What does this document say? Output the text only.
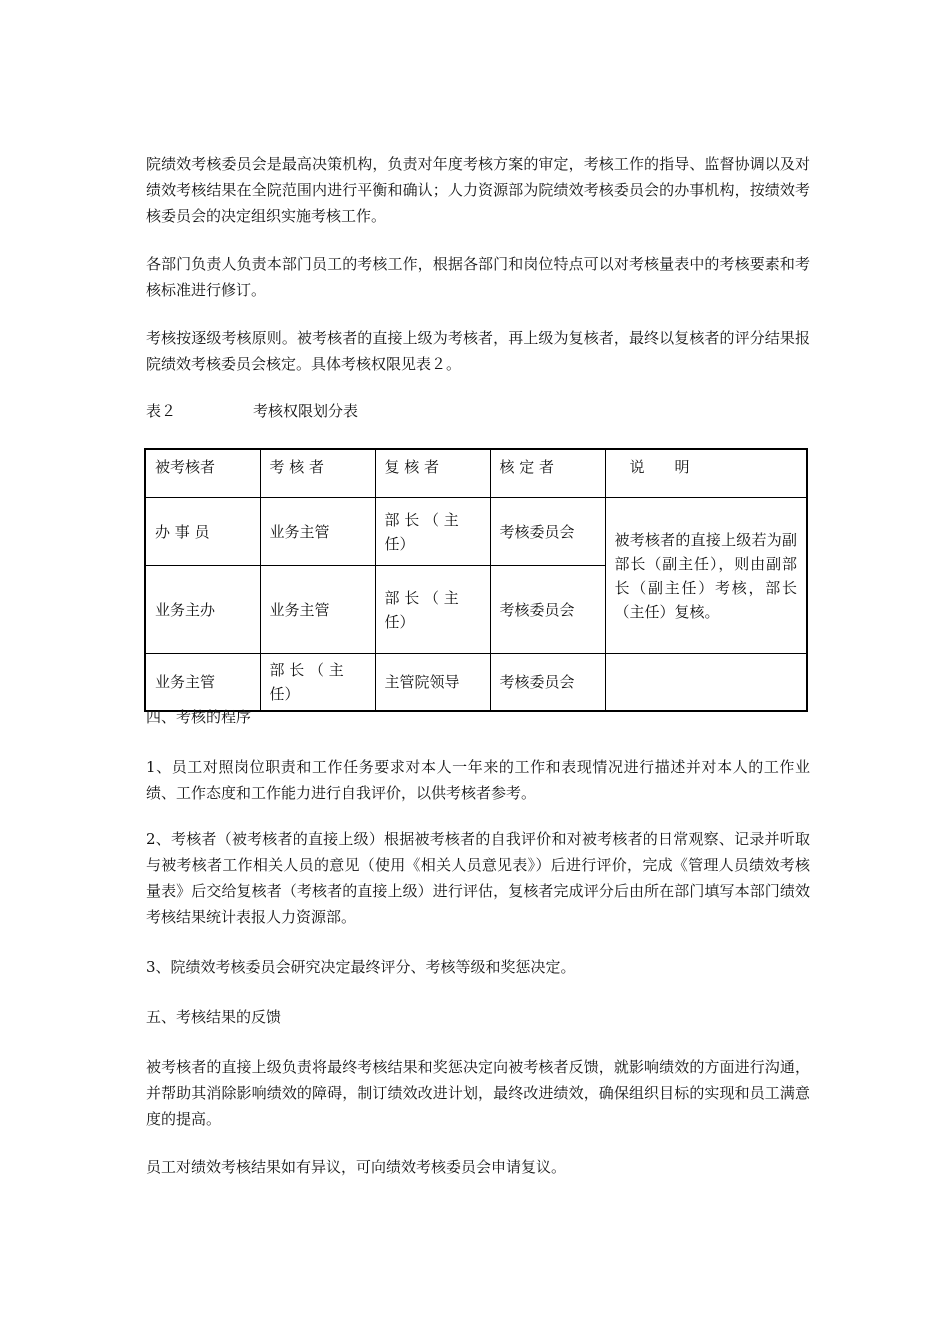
院绩效考核委员会是最高决策机构，负责对年度考核方案的审定，考核工作的指导、监督协调以及对绩效考核结果在全院范围内进行平衡和确认；人力资源部为院绩效考核委员会的办事机构，按绩效考核委员会的决定组织实施考核工作。

各部门负责人负责本部门员工的考核工作，根据各部门和岗位特点可以对考核量表中的考核要素和考核标准进行修订。

考核按逐级考核原则。被考核者的直接上级为考核者，再上级为复核者，最终以复核者的评分结果报院绩效考核委员会核定。具体考核权限见表２。

表２	考核权限划分表
被考核者	考 核 者	复 核 者	核 定 者	说　　明
办 事 员	业务主管	部 长 （ 主 任）	考核委员会	被考核者的直接上级若为副部长（副主任），则由副部长（副主任）考核，部长（主任）复核。
业务主办	业务主管	部 长 （ 主 任）	考核委员会	
业务主管	部 长 （ 主 任）	主管院领导	考核委员会	

四、考核的程序

1、员工对照岗位职责和工作任务要求对本人一年来的工作和表现情况进行描述并对本人的工作业绩、工作态度和工作能力进行自我评价，以供考核者参考。

2、考核者（被考核者的直接上级）根据被考核者的自我评价和对被考核者的日常观察、记录并听取与被考核者工作相关人员的意见（使用《相关人员意见表》）后进行评价，完成《管理人员绩效考核量表》后交给复核者（考核者的直接上级）进行评估，复核者完成评分后由所在部门填写本部门绩效考核结果统计表报人力资源部。

3、院绩效考核委员会研究决定最终评分、考核等级和奖惩决定。

五、考核结果的反馈

被考核者的直接上级负责将最终考核结果和奖惩决定向被考核者反馈，就影响绩效的方面进行沟通，并帮助其消除影响绩效的障碍，制订绩效改进计划，最终改进绩效，确保组织目标的实现和员工满意度的提高。

员工对绩效考核结果如有异议，可向绩效考核委员会申请复议。
